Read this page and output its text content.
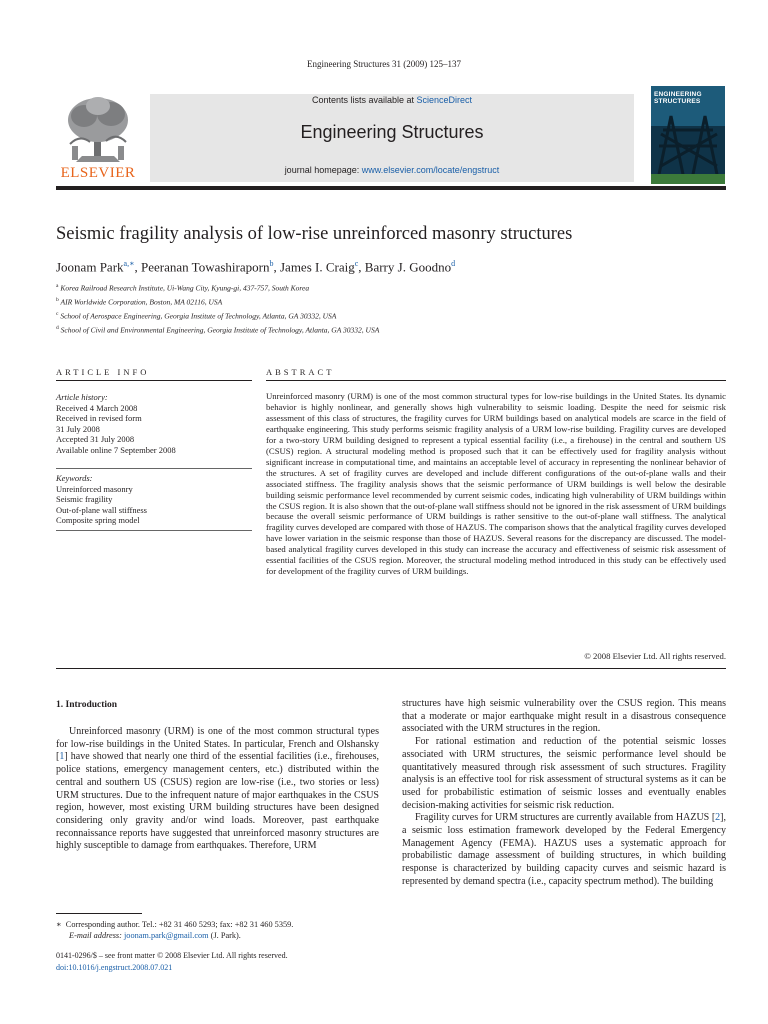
Engineering Structures 31 (2009) 125–137
ELSEVIER
Contents lists available at ScienceDirect
Engineering Structures
journal homepage: www.elsevier.com/locate/engstruct
ENGINEERING
STRUCTURES
Seismic fragility analysis of low-rise unreinforced masonry structures
Joonam Park$^{a,∗}$, Peeranan Towashiraporn$^b$, James I. Craig$^c$, Barry J. Goodno$^d$
$^a$ Korea Railroad Research Institute, Ui-Wang City, Kyung-gi, 437-757, South Korea
$^b$ AIR Worldwide Corporation, Boston, MA 02116, USA
$^c$ School of Aerospace Engineering, Georgia Institute of Technology, Atlanta, GA 30332, USA
$^d$ School of Civil and Environmental Engineering, Georgia Institute of Technology, Atlanta, GA 30332, USA
ARTICLE INFO	ABSTRACT
Article history:
Received 4 March 2008
Received in revised form
31 July 2008
Accepted 31 July 2008
Available online 7 September 2008
Keywords:
Unreinforced masonry
Seismic fragility
Out-of-plane wall stiffness
Composite spring model
Unreinforced masonry (URM) is one of the most common structural types for low-rise buildings in the United States. Its dynamic behavior is highly nonlinear, and generally shows high vulnerability to seismic loading. Despite the need for seismic risk assessment of this class of structures, the fragility curves for URM buildings based on analytical models are scarce in the field of earthquake engineering. This study performs seismic fragility analysis of a URM low-rise building. Fragility curves are developed for a two-story URM building designed to represent a typical essential facility (i.e., a firehouse) in the central and southern US (CSUS) region. A structural modeling method is proposed such that it can be effectively used for fragility analysis without significant increase in computational time, and maintains an acceptable level of accuracy in representing the nonlinear behavior of the structures. A set of fragility curves are developed and include different configurations of the out-of-plane walls and their associated stiffness. The fragility analysis shows that the seismic performance of URM buildings is well below the desirable building seismic performance level recommended by current seismic codes, indicating high vulnerability of URM buildings within the CSUS region. It is also shown that the out-of-plane wall stiffness should not be ignored in the risk assessment of URM buildings because the overall seismic performance of URM buildings is rather sensitive to the out-of-plane wall stiffness. The analytical fragility curves developed are compared with those of HAZUS. The comparison shows that the analytical fragility curves developed have lower variation in the seismic response than those of HAZUS. Several reasons for the discrepancy are discussed. The model-based analytical fragility curves developed in this study can increase the accuracy and effectiveness of seismic risk assessment of essential facilities of the CSUS region. Moreover, the structural modeling method introduced in this study can be effectively used for development of the fragility curves of URM buildings.
© 2008 Elsevier Ltd. All rights reserved.
1. Introduction

Unreinforced masonry (URM) is one of the most common structural types for low-rise buildings in the United States. In particular, French and Olshansky [1] have showed that nearly one third of the essential facilities (i.e., firehouses, police stations, emergency management centers, etc.) distributed within the central and southern US (CSUS) region are low-rise (i.e., two stories or less) URM structures. Due to the infrequent nature of major earthquakes in the CSUS region, however, most existing URM building structures have been designed considering only gravity and/or wind loads. Moreover, past earthquake reconnaissance reports have suggested that unreinforced masonry structures are highly susceptible to damage from earthquakes. Therefore, URM

structures have high seismic vulnerability over the CSUS region. This means that a moderate or major earthquake might result in a disastrous consequence associated with the URM structures in the region.

For rational estimation and reduction of the potential seismic losses associated with URM structures, the seismic performance level should be quantitatively measured through risk assessment of such structures. Fragility analysis is an effective tool for risk assessment of structural systems as it can be used for probabilistic estimation of seismic losses and eventually enables decision-making activities for seismic risk reduction.

Fragility curves for URM structures are currently available from HAZUS [2], a seismic loss estimation framework developed by the Federal Emergency Management Agency (FEMA). HAZUS uses a systematic approach for probabilistic damage assessment of building structures, in which building response is characterized by building capacity curves and seismic hazard is represented by demand spectra (i.e., capacity spectrum method). The building

∗ Corresponding author. Tel.: +82 31 460 5293; fax: +82 31 460 5359.
E-mail address: joonam.park@gmail.com (J. Park).
0141-0296/$ – see front matter © 2008 Elsevier Ltd. All rights reserved.
doi:10.1016/j.engstruct.2008.07.021
